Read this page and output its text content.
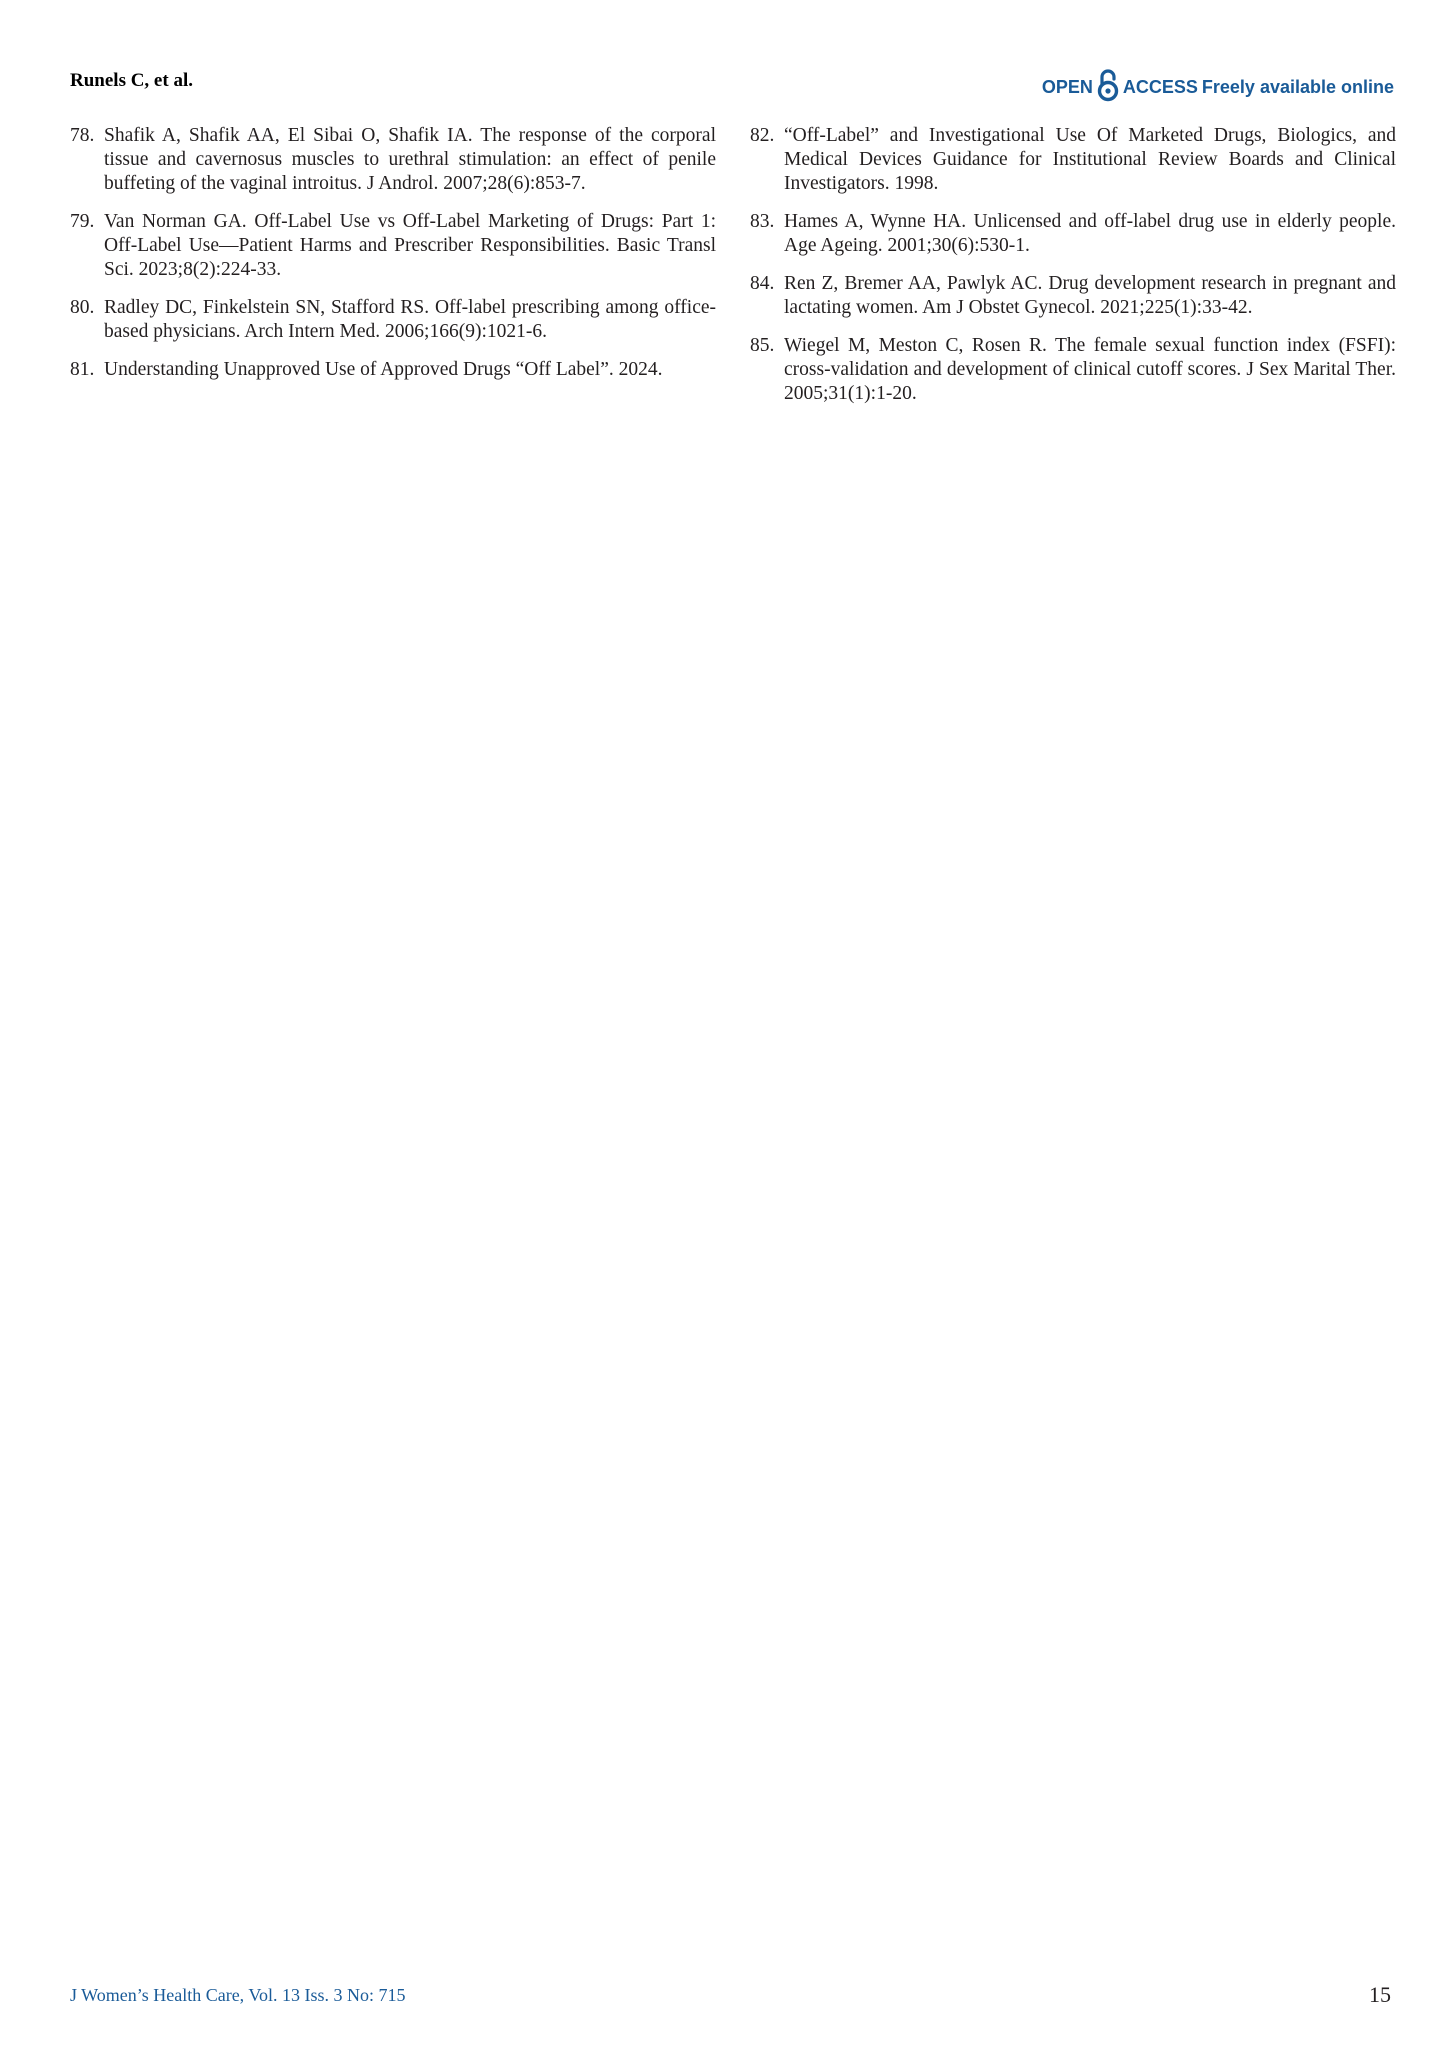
Runels C, et al.	OPEN ACCESS Freely available online
78. Shafik A, Shafik AA, El Sibai O, Shafik IA. The response of the corporal tissue and cavernosus muscles to urethral stimulation: an effect of penile buffeting of the vaginal introitus. J Androl. 2007;28(6):853-7.
79. Van Norman GA. Off-Label Use vs Off-Label Marketing of Drugs: Part 1: Off-Label Use—Patient Harms and Prescriber Responsibilities. Basic Transl Sci. 2023;8(2):224-33.
80. Radley DC, Finkelstein SN, Stafford RS. Off-label prescribing among office-based physicians. Arch Intern Med. 2006;166(9):1021-6.
81. Understanding Unapproved Use of Approved Drugs “Off Label”. 2024.
82. “Off-Label” and Investigational Use Of Marketed Drugs, Biologics, and Medical Devices Guidance for Institutional Review Boards and Clinical Investigators. 1998.
83. Hames A, Wynne HA. Unlicensed and off-label drug use in elderly people. Age Ageing. 2001;30(6):530-1.
84. Ren Z, Bremer AA, Pawlyk AC. Drug development research in pregnant and lactating women. Am J Obstet Gynecol. 2021;225(1):33-42.
85. Wiegel M, Meston C, Rosen R. The female sexual function index (FSFI): cross-validation and development of clinical cutoff scores. J Sex Marital Ther. 2005;31(1):1-20.
J Women’s Health Care, Vol. 13 Iss. 3 No: 715	15
